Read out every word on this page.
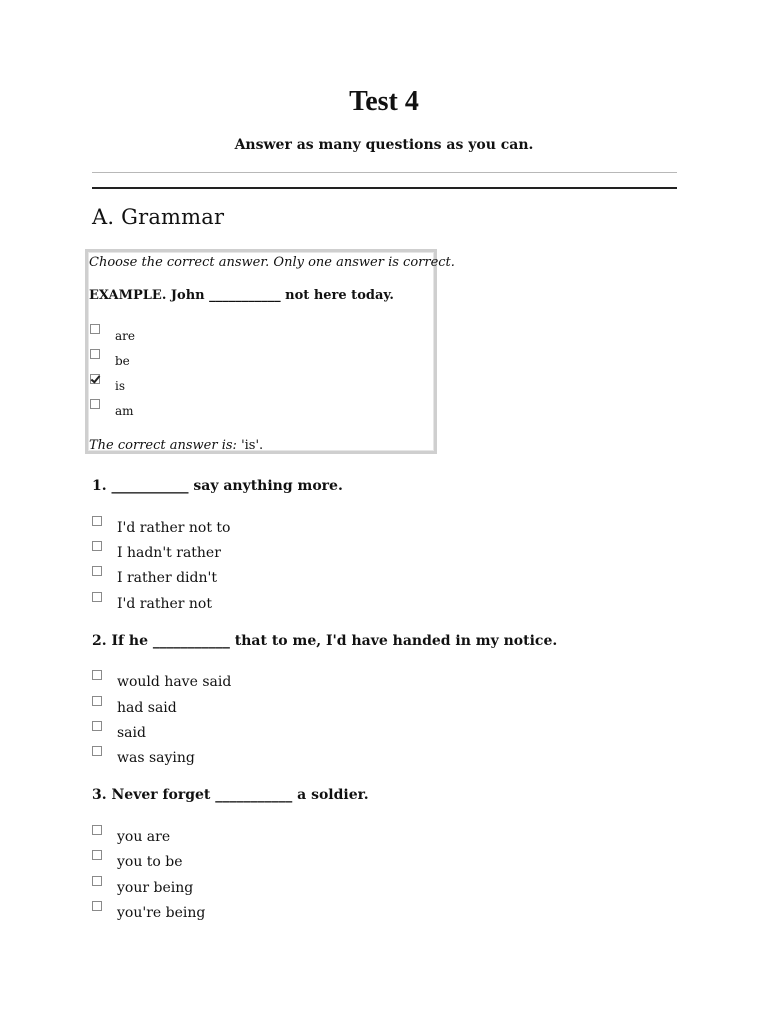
Test 4
Answer as many questions as you can.
A. Grammar
Choose the correct answer. Only one answer is correct.
EXAMPLE. John ___________ not here today.
are
be
is
am
The correct answer is: 'is'.
1. ___________ say anything more.
I'd rather not to
I hadn't rather
I rather didn't
I'd rather not
2. If he ___________ that to me, I'd have handed in my notice.
would have said
had said
said
was saying
3. Never forget ___________ a soldier.
you are
you to be
your being
you're being
